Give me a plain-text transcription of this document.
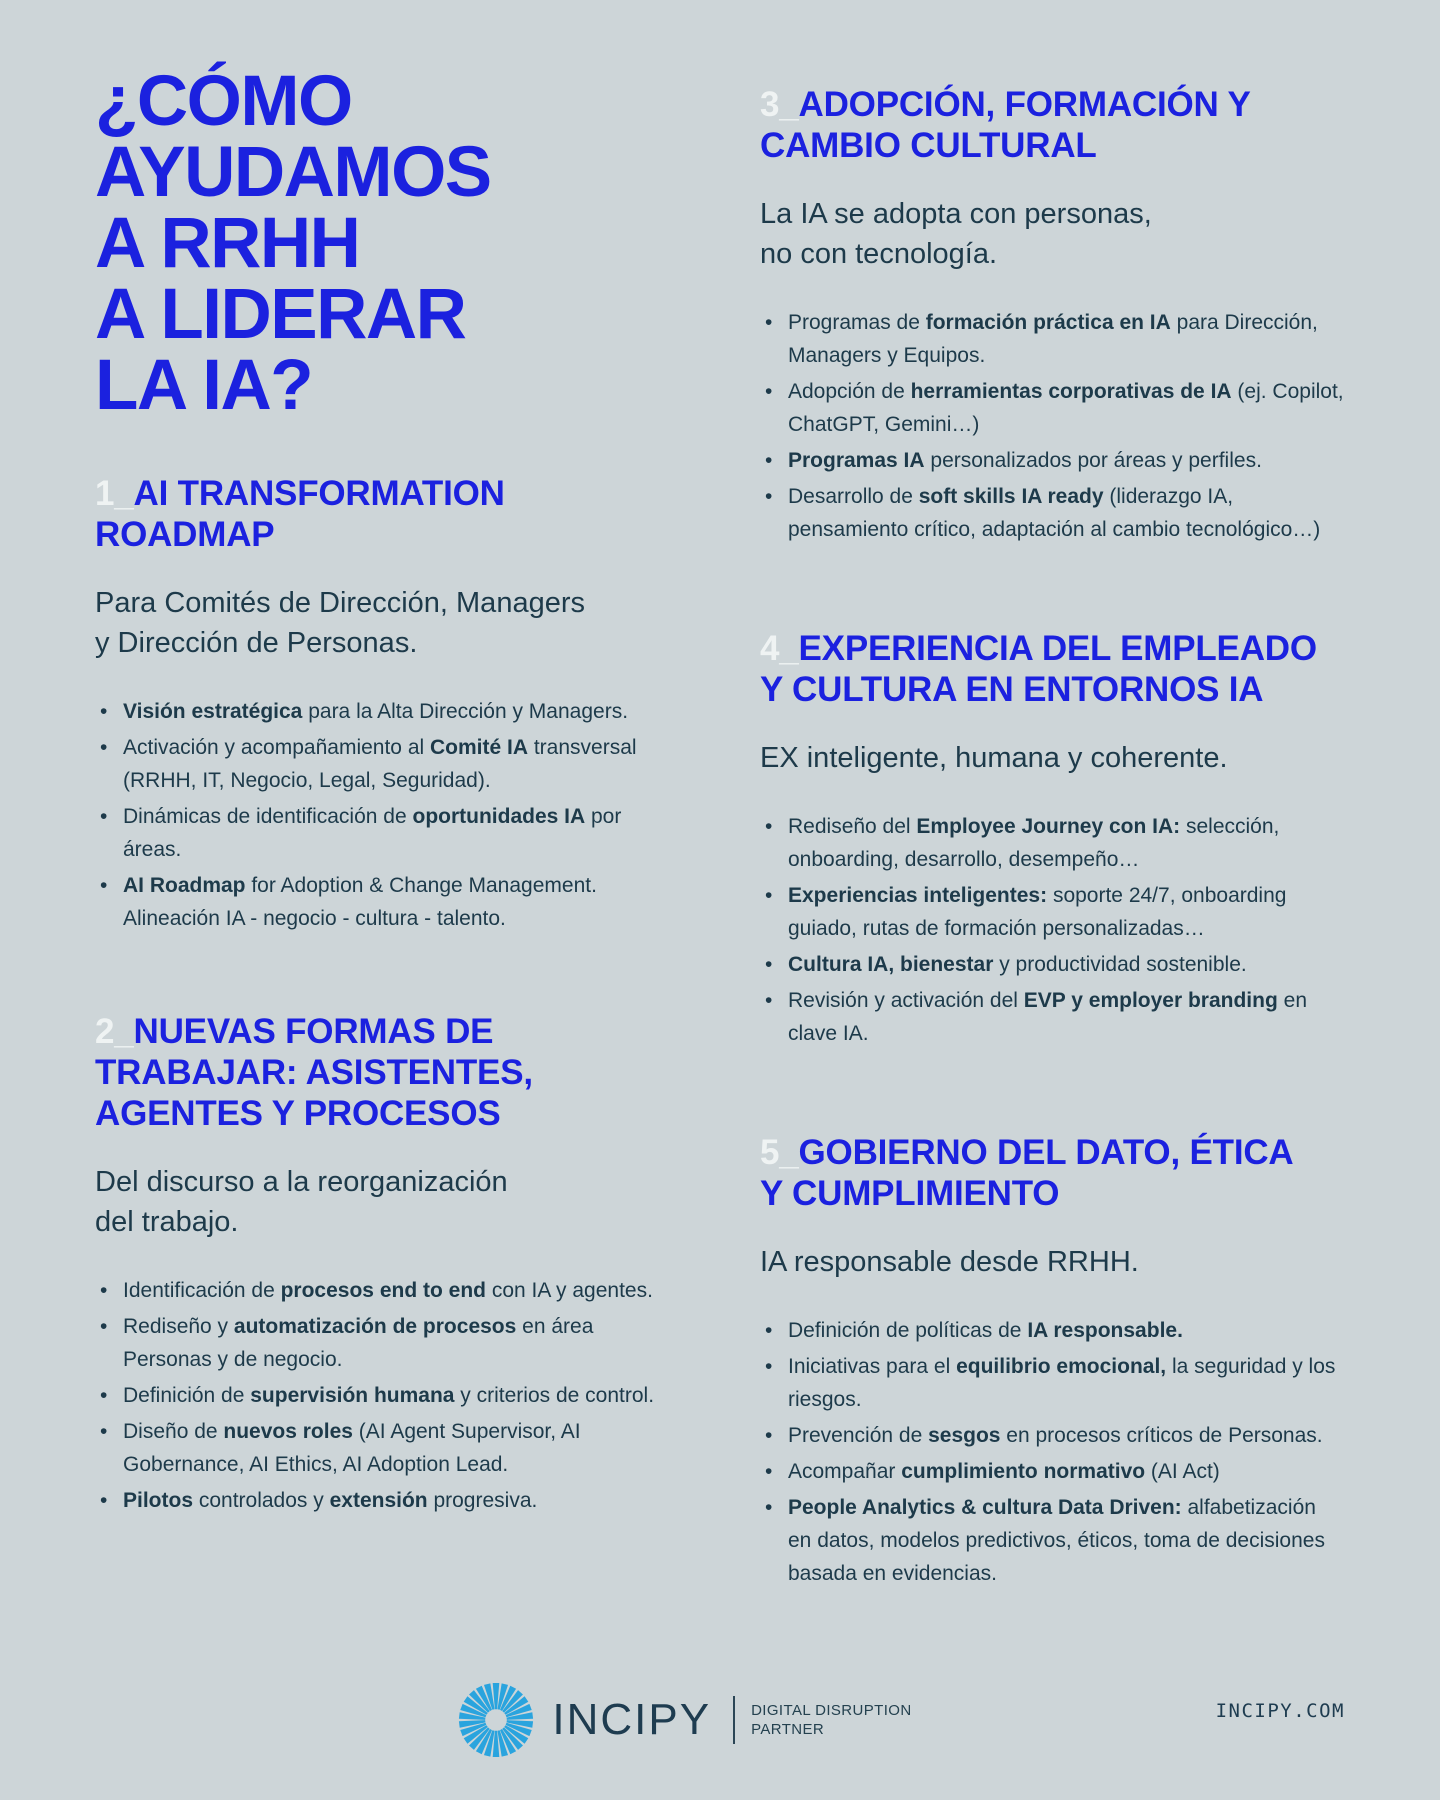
¿CÓMO
AYUDAMOS
A RRHH
A LIDERAR
LA IA?
1_AI TRANSFORMATION
ROADMAP

Para Comités de Dirección, Managers
y Dirección de Personas.

• Visión estratégica para la Alta Dirección y Managers.
• Activación y acompañamiento al Comité IA transversal (RRHH, IT, Negocio, Legal, Seguridad).
• Dinámicas de identificación de oportunidades IA por áreas.
• AI Roadmap for Adoption & Change Management. Alineación IA - negocio - cultura - talento.
2_NUEVAS FORMAS DE
TRABAJAR: ASISTENTES,
AGENTES Y PROCESOS

Del discurso a la reorganización
del trabajo.

• Identificación de procesos end to end con IA y agentes.
• Rediseño y automatización de procesos en área Personas y de negocio.
• Definición de supervisión humana y criterios de control.
• Diseño de nuevos roles (AI Agent Supervisor, AI Gobernance, AI Ethics, AI Adoption Lead.
• Pilotos controlados y extensión progresiva.
3_ADOPCIÓN, FORMACIÓN Y
CAMBIO CULTURAL

La IA se adopta con personas,
no con tecnología.

• Programas de formación práctica en IA para Dirección, Managers y Equipos.
• Adopción de herramientas corporativas de IA (ej. Copilot, ChatGPT, Gemini…)
• Programas IA personalizados por áreas y perfiles.
• Desarrollo de soft skills IA ready (liderazgo IA, pensamiento crítico, adaptación al cambio tecnológico…)
4_EXPERIENCIA DEL EMPLEADO
Y CULTURA EN ENTORNOS IA

EX inteligente, humana y coherente.

• Rediseño del Employee Journey con IA: selección, onboarding, desarrollo, desempeño…
• Experiencias inteligentes: soporte 24/7, onboarding guiado, rutas de formación personalizadas…
• Cultura IA, bienestar y productividad sostenible.
• Revisión y activación del EVP y employer branding en clave IA.
5_GOBIERNO DEL DATO, ÉTICA
Y CUMPLIMIENTO

IA responsable desde RRHH.

• Definición de políticas de IA responsable.
• Iniciativas para el equilibrio emocional, la seguridad y los riesgos.
• Prevención de sesgos en procesos críticos de Personas.
• Acompañar cumplimiento normativo (AI Act)
• People Analytics & cultura Data Driven: alfabetización en datos, modelos predictivos, éticos, toma de decisiones basada en evidencias.
INCIPY	DIGITAL DISRUPTION
PARTNER
INCIPY.COM
